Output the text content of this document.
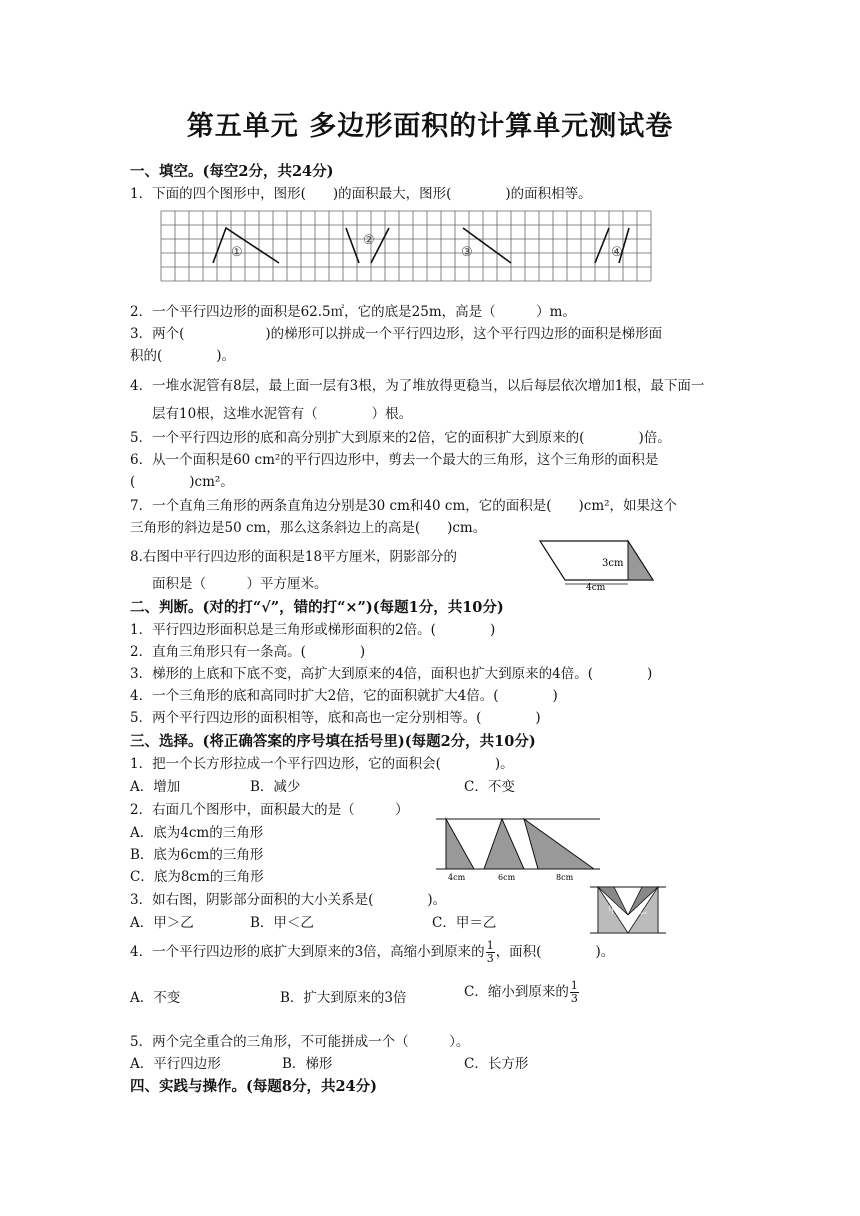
第五单元 多边形面积的计算单元测试卷
一、填空。(每空2分，共24分)
1．下面的四个图形中，图形(　　)的面积最大，图形(　　　　)的面积相等。
①
②
③	④
2．一个平行四边形的面积是62.5㎡，它的底是25m，高是（　　　）m。
3．两个(　　　　　　)的梯形可以拼成一个平行四边形，这个平行四边形的面积是梯形面
积的(　　　　)。
4．一堆水泥管有8层，最上面一层有3根，为了堆放得更稳当，以后每层依次增加1根，最下面一
层有10根，这堆水泥管有（　　　　）根。
5．一个平行四边形的底和高分别扩大到原来的2倍，它的面积扩大到原来的(　　　　)倍。
6．从一个面积是60 cm²的平行四边形中，剪去一个最大的三角形，这个三角形的面积是
(　　　　)cm²。
7．一个直角三角形的两条直角边分别是30 cm和40 cm，它的面积是(　　)cm²，如果这个
三角形的斜边是50 cm，那么这条斜边上的高是(　　)cm。
8.右图中平行四边形的面积是18平方厘米，阴影部分的
面积是（　　　）平方厘米。
3cm
4cm
二、判断。(对的打“√”，错的打“×”)(每题1分，共10分)
1．平行四边形面积总是三角形或梯形面积的2倍。(　　　　)
2．直角三角形只有一条高。(　　　　)
3．梯形的上底和下底不变，高扩大到原来的4倍，面积也扩大到原来的4倍。(　　　　)
4．一个三角形的底和高同时扩大2倍，它的面积就扩大4倍。(　　　　)
5．两个平行四边形的面积相等，底和高也一定分别相等。(　　　　)
三、选择。(将正确答案的序号填在括号里)(每题2分，共10分)
1．把一个长方形拉成一个平行四边形，它的面积会(　　　　)。
A．增加	B．减少	C．不变
2．右面几个图形中，面积最大的是（　　　）
A．底为4cm的三角形
B．底为6cm的三角形
C．底为8cm的三角形	4cm	6cm	8cm
3．如右图，阴影部分面积的大小关系是(　　　　)。
A．甲＞乙	B．甲＜乙	C．甲＝乙
甲 乙
4．一个平行四边形的底扩大到原来的3倍，高缩小到原来的 $\frac{1}{3}$ ，面积(　　　　)。
A．不变	B．扩大到原来的3倍	C．缩小到原来的 $\frac{1}{3}$
5．两个完全重合的三角形，不可能拼成一个（　　　）。
A．平行四边形	B．梯形	C．长方形
四、实践与操作。(每题8分，共24分)
